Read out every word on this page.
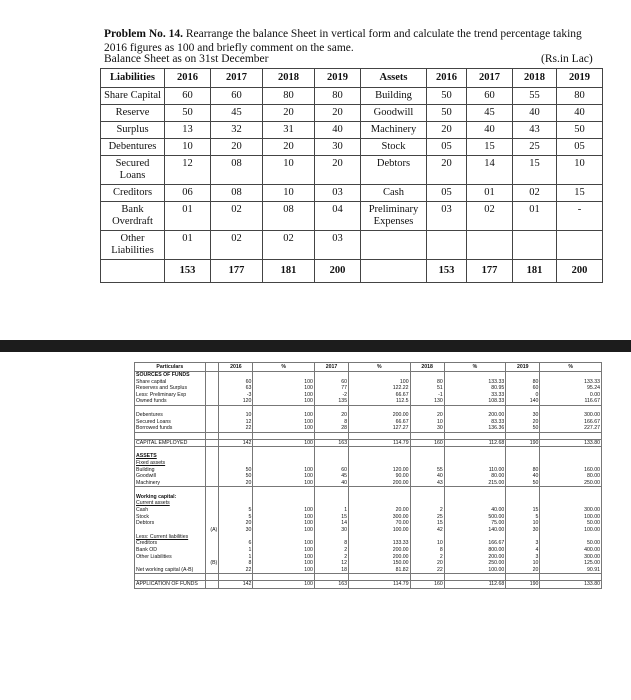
Problem No. 14. Rearrange the balance Sheet in vertical form and calculate the trend percentage taking 2016 figures as 100 and briefly comment on the same.
Balance Sheet as on 31st December	(Rs.in Lac)
Liabilities	2016	2017	2018	2019	Assets	2016	2017	2018	2019
Share Capital	60	60	80	80	Building	50	60	55	80
Reserve	50	45	20	20	Goodwill	50	45	40	40
Surplus	13	32	31	40	Machinery	20	40	43	50
Debentures	10	20	20	30	Stock	05	15	25	05
Secured Loans	12	08	10	20	Debtors	20	14	15	10
Creditors	06	08	10	03	Cash	05	01	02	15
Bank Overdraft	01	02	08	04	Preliminary Expenses	03	02	01	-
Other Liabilities	01	02	02	03					
	153	177	181	200		153	177	181	200
Particulars		2016	%	2017	%	2018	%	2019	%
SOURCES OF FUNDS									
Share capital		60	100	60	100	80	133.33	80	133.33
Reserves and Surplus		63	100	77	122.22	51	80.95	60	95.24
Less: Preliminary Exp		-3	100	-2	66.67	-1	33.33	0	0.00
Owned funds		120	100	135	112.5	130	108.33	140	116.67

Debentures		10	100	20	200.00	20	200.00	30	300.00
Secured Loans		12	100	8	66.67	10	83.33	20	166.67
Borrowed funds		22	100	28	127.27	30	136.36	50	227.27

CAPITAL EMPLOYED		142	100	163	114.79	160	112.68	190	133.80

ASSETS									
Fixed assets									
Building		50	100	60	120.00	55	110.00	80	160.00
Goodwill		50	100	45	90.00	40	80.00	40	80.00
Machinery		20	100	40	200.00	43	215.00	50	250.00

Working capital:									
Current assets									
Cash		5	100	1	20.00	2	40.00	15	300.00
Stock		5	100	15	300.00	25	500.00	5	100.00
Debtors		20	100	14	70.00	15	75.00	10	50.00
	(A)	30	100	30	100.00	42	140.00	30	100.00
Less: Current liabilities									
Creditors		6	100	8	133.33	10	166.67	3	50.00
Bank OD		1	100	2	200.00	8	800.00	4	400.00
Other Liabilities		1	100	2	200.00	2	200.00	3	300.00
	(B)	8	100	12	150.00	20	250.00	10	125.00
Net working capital (A-B)		22	100	18	81.82	22	100.00	20	90.91

APPLICATION OF FUNDS		142	100	163	114.79	160	112.68	190	133.80
